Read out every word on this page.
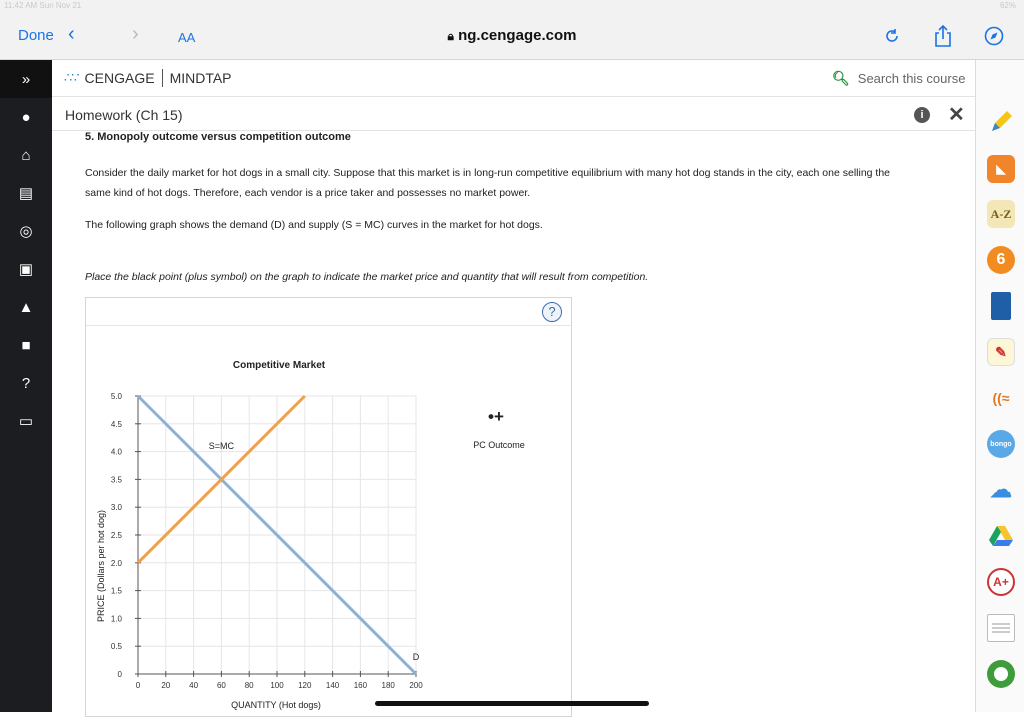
11:42 AM Sun Nov 21	62%
Done ‹	›	AA	🔒︎ ng.cengage.com
»
●
⌂
▤
◎
▣
▲
■
?
▭
∴∵ CENGAGE MINDTAP	🔍︎ Search this course
◣
A-Z
6
✎
((≈
bongo
☁
A+
Homework (Ch 15)	i	✕
5. Monopoly outcome versus competition outcome
Consider the daily market for hot dogs in a small city. Suppose that this market is in long-run competitive equilibrium with many hot dog stands in the city, each one selling the same kind of hot dogs. Therefore, each vendor is a price taker and possesses no market power.
The following graph shows the demand (D) and supply (S = MC) curves in the market for hot dogs.
Place the black point (plus symbol) on the graph to indicate the market price and quantity that will result from competition.
?
Competitive Market
0	20 40 60 80 100 120 140 160 180 200
0
0.5
1.0
1.5
2.0
2.5
3.0
3.5
4.0
4.5
5.0
D
S=MC
PRICE (Dollars per hot dog)
QUANTITY (Hot dogs)
•+
PC Outcome
